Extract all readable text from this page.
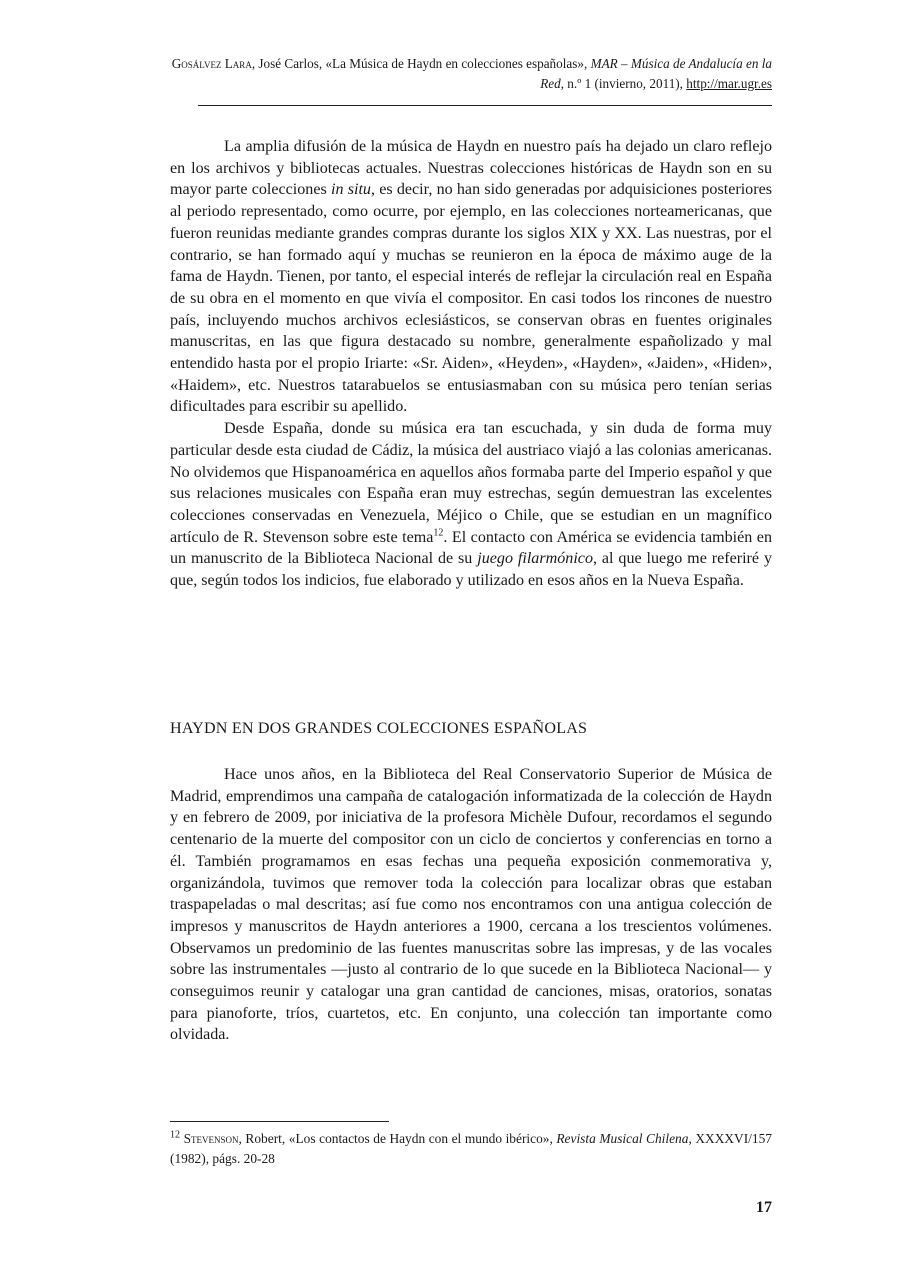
Gosálvez Lara, José Carlos, «La Música de Haydn en colecciones españolas», MAR – Música de Andalucía en la Red, n.º 1 (invierno, 2011), http://mar.ugr.es

La amplia difusión de la música de Haydn en nuestro país ha dejado un claro reflejo en los archivos y bibliotecas actuales. Nuestras colecciones históricas de Haydn son en su mayor parte colecciones in situ, es decir, no han sido generadas por adquisiciones posteriores al periodo representado, como ocurre, por ejemplo, en las colecciones norteamericanas, que fueron reunidas mediante grandes compras durante los siglos XIX y XX. Las nuestras, por el contrario, se han formado aquí y muchas se reunieron en la época de máximo auge de la fama de Haydn. Tienen, por tanto, el especial interés de reflejar la circulación real en España de su obra en el momento en que vivía el compositor. En casi todos los rincones de nuestro país, incluyendo muchos archivos eclesiásticos, se conservan obras en fuentes originales manuscritas, en las que figura destacado su nombre, generalmente españolizado y mal entendido hasta por el propio Iriarte: «Sr. Aiden», «Heyden», «Hayden», «Jaiden», «Hiden», «Haidem», etc. Nuestros tatarabuelos se entusiasmaban con su música pero tenían serias dificultades para escribir su apellido.

Desde España, donde su música era tan escuchada, y sin duda de forma muy particular desde esta ciudad de Cádiz, la música del austriaco viajó a las colonias americanas. No olvidemos que Hispanoamérica en aquellos años formaba parte del Imperio español y que sus relaciones musicales con España eran muy estrechas, según demuestran las excelentes colecciones conservadas en Venezuela, Méjico o Chile, que se estudian en un magnífico artículo de R. Stevenson sobre este tema$^{12}$. El contacto con América se evidencia también en un manuscrito de la Biblioteca Nacional de su juego filarmónico, al que luego me referiré y que, según todos los indicios, fue elaborado y utilizado en esos años en la Nueva España.

HAYDN EN DOS GRANDES COLECCIONES ESPAÑOLAS

Hace unos años, en la Biblioteca del Real Conservatorio Superior de Música de Madrid, emprendimos una campaña de catalogación informatizada de la colección de Haydn y en febrero de 2009, por iniciativa de la profesora Michèle Dufour, recordamos el segundo centenario de la muerte del compositor con un ciclo de conciertos y conferencias en torno a él. También programamos en esas fechas una pequeña exposición conmemorativa y, organizándola, tuvimos que remover toda la colección para localizar obras que estaban traspapeladas o mal descritas; así fue como nos encontramos con una antigua colección de impresos y manuscritos de Haydn anteriores a 1900, cercana a los trescientos volúmenes. Observamos un predominio de las fuentes manuscritas sobre las impresas, y de las vocales sobre las instrumentales —justo al contrario de lo que sucede en la Biblioteca Nacional— y conseguimos reunir y catalogar una gran cantidad de canciones, misas, oratorios, sonatas para pianoforte, tríos, cuartetos, etc. En conjunto, una colección tan importante como olvidada.

$^{12}$ Stevenson, Robert, «Los contactos de Haydn con el mundo ibérico», Revista Musical Chilena, XXXXVI/157 (1982), págs. 20-28
17
